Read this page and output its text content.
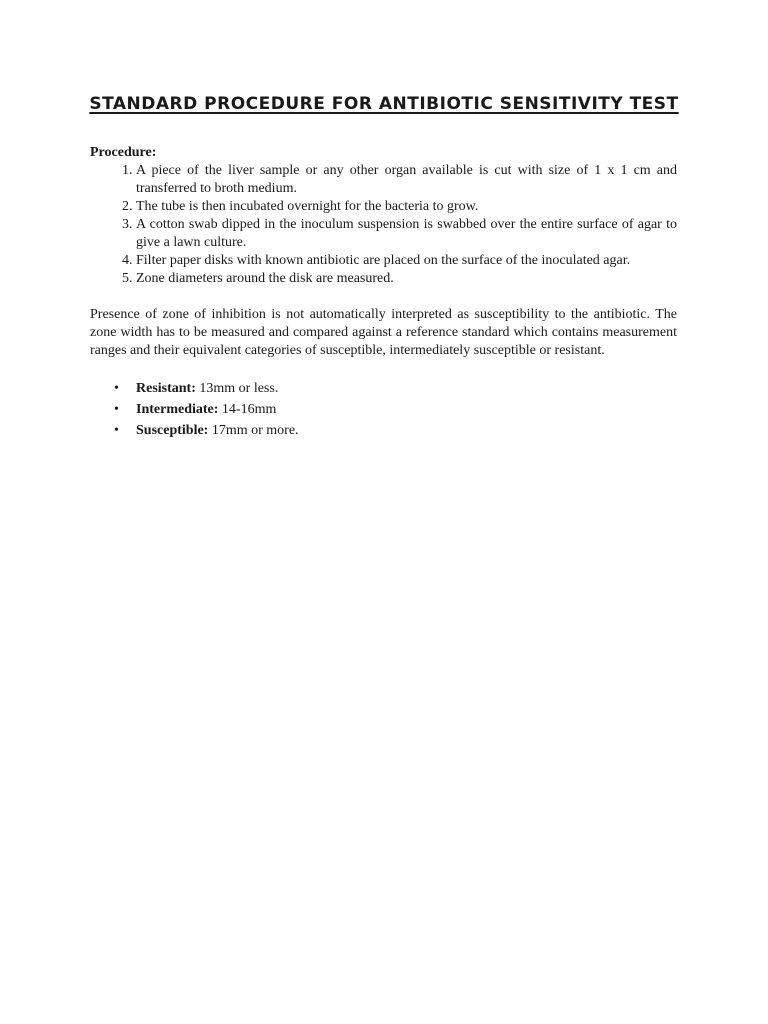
STANDARD PROCEDURE FOR ANTIBIOTIC SENSITIVITY TEST

Procedure:

1. A piece of the liver sample or any other organ available is cut with size of 1 x 1 cm and transferred to broth medium.
2. The tube is then incubated overnight for the bacteria to grow.
3. A cotton swab dipped in the inoculum suspension is swabbed over the entire surface of agar to give a lawn culture.
4. Filter paper disks with known antibiotic are placed on the surface of the inoculated agar.
5. Zone diameters around the disk are measured.

Presence of zone of inhibition is not automatically interpreted as susceptibility to the antibiotic. The zone width has to be measured and compared against a reference standard which contains measurement ranges and their equivalent categories of susceptible, intermediately susceptible or resistant.

• Resistant: 13mm or less.
• Intermediate: 14-16mm
• Susceptible: 17mm or more.
